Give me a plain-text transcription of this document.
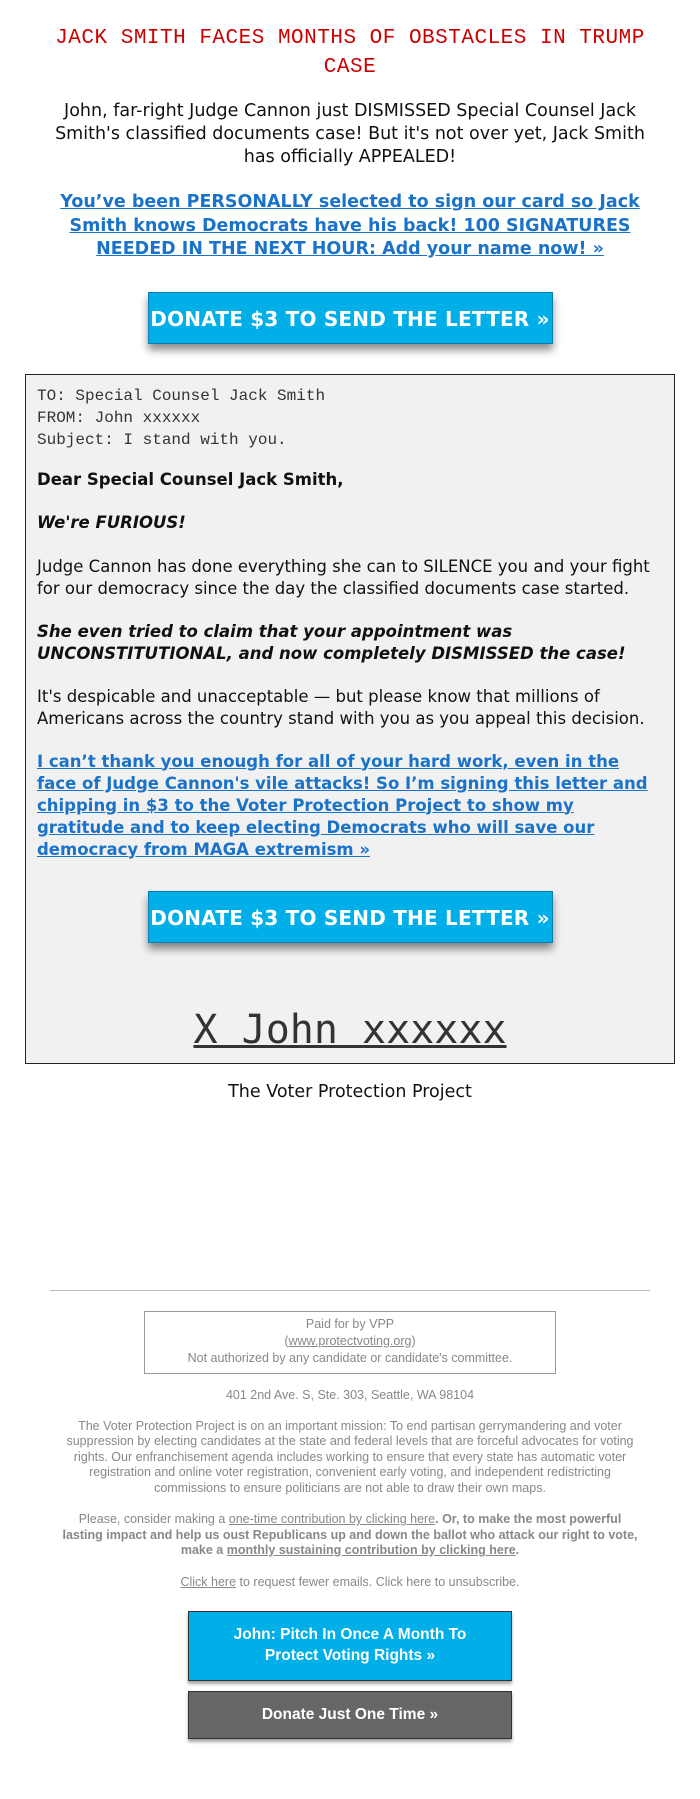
JACK SMITH FACES MONTHS OF OBSTACLES IN TRUMP CASE

John, far-right Judge Cannon just DISMISSED Special Counsel Jack Smith's classified documents case! But it's not over yet, Jack Smith has officially APPEALED!

You’ve been PERSONALLY selected to sign our card so Jack Smith knows Democrats have his back! 100 SIGNATURES NEEDED IN THE NEXT HOUR: Add your name now! »
DONATE $3 TO SEND THE LETTER »
TO: Special Counsel Jack Smith
FROM: John xxxxxx
Subject: I stand with you.

Dear Special Counsel Jack Smith,

We're FURIOUS!

Judge Cannon has done everything she can to SILENCE you and your fight for our democracy since the day the classified documents case started.

She even tried to claim that your appointment was UNCONSTITUTIONAL, and now completely DISMISSED the case!

It's despicable and unacceptable — but please know that millions of Americans across the country stand with you as you appeal this decision.

I can’t thank you enough for all of your hard work, even in the face of Judge Cannon's vile attacks! So I’m signing this letter and chipping in $3 to the Voter Protection Project to show my gratitude and to keep electing Democrats who will save our democracy from MAGA extremism »
DONATE $3 TO SEND THE LETTER »
X John xxxxxx
The Voter Protection Project
Paid for by VPP
(www.protectvoting.org)
Not authorized by any candidate or candidate's committee.
401 2nd Ave. S, Ste. 303, Seattle, WA 98104

The Voter Protection Project is on an important mission: To end partisan gerrymandering and voter suppression by electing candidates at the state and federal levels that are forceful advocates for voting rights. Our enfranchisement agenda includes working to ensure that every state has automatic voter registration and online voter registration, convenient early voting, and independent redistricting commissions to ensure politicians are not able to draw their own maps.

Please, consider making a one-time contribution by clicking here. Or, to make the most powerful lasting impact and help us oust Republicans up and down the ballot who attack our right to vote, make a monthly sustaining contribution by clicking here.

Click here to request fewer emails. Click here to unsubscribe.
John: Pitch In Once A Month To Protect Voting Rights »
Donate Just One Time »
